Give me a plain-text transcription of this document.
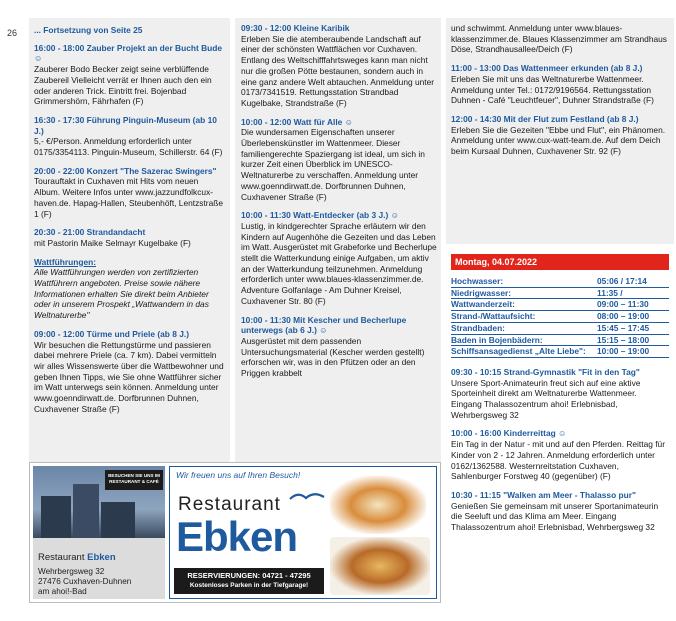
26 ... Fortsetzung von Seite 25
16:00 - 18:00 Zauber Projekt an der Bucht Bude ☺
Zauberer Bodo Becker zeigt seine verblüffende Zaubereil Vielleicht verrät er Ihnen auch den ein oder anderen Trick. Eintritt frei. Bojenbad Grimmershörn, Fährhafen (F)
16:30 - 17:30 Führung Pinguin-Museum (ab 10 J.)
5,- €/Person. Anmeldung erforderlich unter 0175/3354113. Pinguin-Museum, Schillerstr. 64 (F)
20:00 - 22:00 Konzert "The Sazerac Swingers"
Tourauftakt in Cuxhaven mit Hits vom neuen Album. Weitere Infos unter www.jazzundfolkcux-haven.de. Hapag-Hallen, Steubenhöft, Lentzstraße 1 (F)
20:30 - 21:00 Strandandacht
mit Pastorin Maike Selmayr Kugelbake (F)
Wattführungen:
Alle Wattführungen werden von zertifizierten Wattführern angeboten. Preise sowie nähere Informationen erhalten Sie direkt beim Anbieter oder in unserem Prospekt „Wattwandern in das Weltnaturerbe"
09:00 - 12:00 Türme und Priele (ab 8 J.)
Wir besuchen die Rettungstürme und passieren dabei mehrere Priele (ca. 7 km). Dabei vermitteln wir alles Wissenswerte über die Wattbewohner und geben Ihnen Tipps, wie Sie ohne Wattführer sicher im Watt unterwegs sein können. Anmeldung unter www.goenndirwatt.de. Dorfbrunnen Duhnen, Cuxhavener Straße (F)
09:30 - 12:00 Kleine Karibik
Erleben Sie die atemberaubende Landschaft auf einer der schönsten Wattflächen vor Cuxhaven. Entlang des Weltschifffahrtsweges kann man nicht nur die großen Pötte bestaunen, sondern auch in eine ganz andere Welt abtauchen. Anmeldung unter 0173/7341519. Rettungsstation Strandbad Kugelbake, Strandstraße (F)
10:00 - 12:00 Watt für Alle ☺
Die wundersamen Eigenschaften unserer Überlebenskünstler im Wattenmeer. Dieser familiengerechte Spaziergang ist ideal, um sich in kurzer Zeit einen Überblick im UNESCO-Weltnaturerbe zu verschaffen. Anmeldung unter www.goenndirwatt.de. Dorfbrunnen Duhnen, Cuxhavener Straße (F)
10:00 - 11:30 Watt-Entdecker (ab 3 J.) ☺
Lustig, in kindgerechter Sprache erläutern wir den Kindern auf Augenhöhe die Gezeiten und das Leben im Watt. Ausgerüstet mit Grabeforke und Becherlupe stellt die Watterkundung einige Aufgaben, um aktiv an der Watterkundung teilzunehmen. Anmeldung erforderlich unter www.blaues-klassenzimmer.de. Adventure Golfanlage - Am Duhner Kreisel, Cuxhavener Str. 80 (F)
10:00 - 11:30 Mit Kescher und Becherlupe unterwegs (ab 6 J.) ☺
Ausgerüstet mit dem passenden Untersuchungsmaterial (Kescher werden gestellt) erforschen wir, was in den Pfützen oder an den Priggen krabbelt
und schwimmt. Anmeldung unter www.blaues-klassenzimmer.de. Blaues Klassenzimmer am Strandhaus Döse, Strandhausallee/Deich (F)
11:00 - 13:00 Das Wattenmeer erkunden (ab 8 J.)
Erleben Sie mit uns das Weltnaturerbe Wattenmeer. Anmeldung unter Tel.: 0172/9196564. Rettungsstation Duhnen - Café "Leuchtfeuer", Duhner Strandstraße (F)
12:00 - 14:30 Mit der Flut zum Festland (ab 8 J.)
Erleben Sie die Gezeiten "Ebbe und Flut", ein Phänomen. Anmeldung unter www.cux-watt-team.de. Auf dem Deich beim Kursaal Duhnen, Cuxhavener Str. 92 (F)
Montag, 04.07.2022
Hochwasser:	05:06 / 17:14
Niedrigwasser:	11:35 /
Wattwanderzeit:	09:00 – 11:30
Strand-/Wattaufsicht:	08:00 – 19:00
Strandbaden:	15:45 – 17:45
Baden in Bojenbädern:	15:15 – 18:00
Schiffsansagedienst „Alte Liebe":	10:00 – 19:00
09:30 - 10:15 Strand-Gymnastik "Fit in den Tag"
Unsere Sport-Animateurin freut sich auf eine aktive Sporteinheit direkt am Weltnaturerbe Wattenmeer. Eingang Thalassozentrum ahoi! Erlebnisbad, Wehrbergsweg 32
10:00 - 16:00 Kinderreittag ☺
Ein Tag in der Natur - mit und auf den Pferden. Reittag für Kinder von 2 - 12 Jahren. Anmeldung erforderlich unter 0162/1362588. Westernreitstation Cuxhaven, Sahlenburger Forstweg 40 (gegenüber) (F)
10:30 - 11:15 "Walken am Meer - Thalasso pur"
Genießen Sie gemeinsam mit unserer Sportanimateurin die Seeluft und das Klima am Meer. Eingang Thalassozentrum ahoi! Erlebnisbad, Wehrbergsweg 32
BESUCHEN SIE UNS IM RESTAURANT & CAFÉ
Restaurant Ebken
Wehrbergsweg 32
27476 Cuxhaven-Duhnen
am ahoi!-Bad
Wir freuen uns auf Ihren Besuch!
Restaurant
Ebken
RESERVIERUNGEN: 04721 - 47295
Kostenloses Parken in der Tiefgarage!
